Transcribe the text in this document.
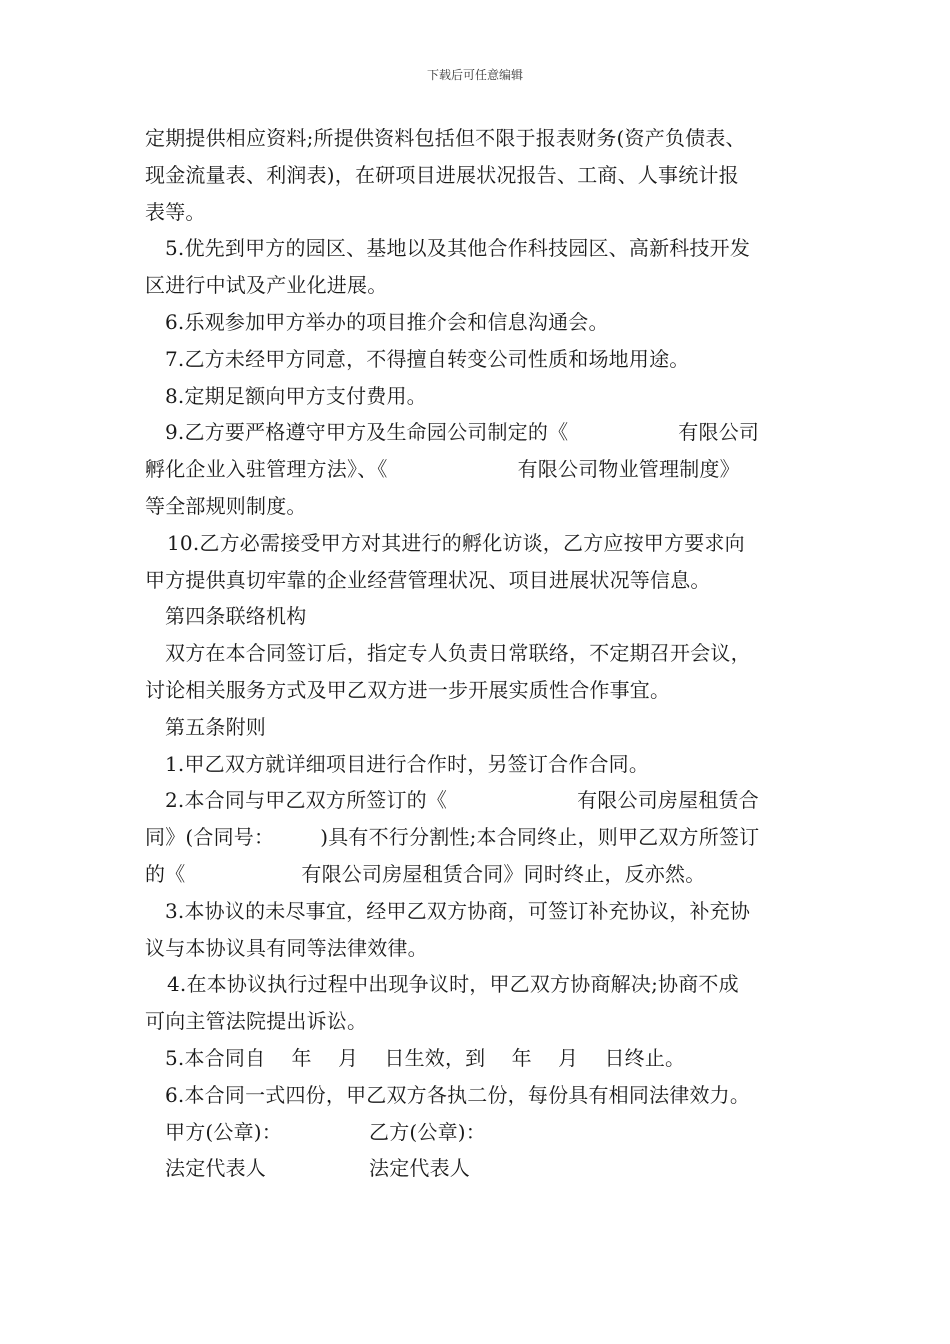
下载后可任意编辑
定期提供相应资料;所提供资料包括但不限于报表财务(资产负债表、
现金流量表、利润表)，在研项目进展状况报告、工商、人事统计报
表等。
5.优先到甲方的园区、基地以及其他合作科技园区、高新科技开发
区进行中试及产业化进展。
6.乐观参加甲方举办的项目推介会和信息沟通会。
7.乙方未经甲方同意，不得擅自转变公司性质和场地用途。
8.定期足额向甲方支付费用。
9.乙方要严格遵守甲方及生命园公司制定的《	有限公司
孵化企业入驻管理方法》、《	有限公司物业管理制度》
等全部规则制度。
10.乙方必需接受甲方对其进行的孵化访谈，乙方应按甲方要求向
甲方提供真切牢靠的企业经营管理状况、项目进展状况等信息。
第四条联络机构
双方在本合同签订后，指定专人负责日常联络，不定期召开会议，
讨论相关服务方式及甲乙双方进一步开展实质性合作事宜。
第五条附则
1.甲乙双方就详细项目进行合作时，另签订合作合同。
2.本合同与甲乙双方所签订的《	有限公司房屋租赁合
同》(合同号： )具有不行分割性;本合同终止，则甲乙双方所签订
的《	有限公司房屋租赁合同》同时终止，反亦然。
3.本协议的未尽事宜，经甲乙双方协商，可签订补充协议，补充协
议与本协议具有同等法律效律。
4.在本协议执行过程中出现争议时，甲乙双方协商解决;协商不成
可向主管法院提出诉讼。
5.本合同自    年    月    日生效，到    年    月    日终止。
6.本合同一式四份，甲乙双方各执二份，每份具有相同法律效力。
甲方(公章)：	乙方(公章)：
法定代表人	法定代表人
